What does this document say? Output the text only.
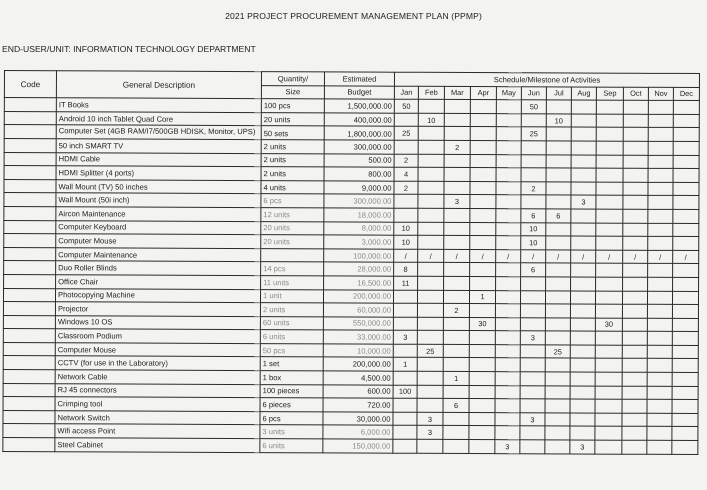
2021 PROJECT PROCUREMENT MANAGEMENT PLAN (PPMP)
END-USER/UNIT: INFORMATION TECHNOLOGY DEPARTMENT
Code	General Description	Quantity/	Estimated	Schedule/Milestone of Activities											
		Size	Budget	Jan	Feb	Mar	Apr	May	Jun	Jul	Aug	Sep	Oct	Nov	Dec
	IT Books	100 pcs	1,500,000.00	50					50						
	Android 10 inch Tablet Quad Core	20 units	400,000.00		10					10					
	Computer Set (4GB RAM/I7/500GB HDISK, Monitor, UPS)	50 sets	1,800,000.00	25					25						
	50 inch SMART TV	2 units	300,000.00			2									
	HDMI Cable	2 units	500.00	2											
	HDMI Splitter (4 ports)	2 units	800.00	4											
	Wall Mount (TV) 50 inches	4 units	9,000.00	2					2						
	Wall Mount (50i inch)	6 pcs	300,000.00			3					3				
	Aircon Maintenance	12 units	18,000.00						6	6					
	Computer Keyboard	20 units	8,000.00	10					10						
	Computer Mouse	20 units	3,000.00	10					10						
	Computer Maintenance		100,000.00	/	/	/	/	/	/	/	/	/	/	/	/
	Duo Roller Blinds	14 pcs	28,000.00	8					6						
	Office Chair	11 units	16,500.00	11											
	Photocopying Machine	1 unit	200,000.00				1								
	Projector	2 units	60,000.00			2									
	Windows 10 OS	60 units	550,000.00				30					30			
	Classroom Podium	6 units	33,000.00	3					3						
	Computer Mouse	50 pcs	10,000.00		25					25					
	CCTV (for use in the Laboratory)	1 set	200,000.00	1											
	Network Cable	1 box	4,500.00			1									
	RJ 45 connectors	100 pieces	600.00	100											
	Crimping tool	6 pieces	720.00			6									
	Network Switch	6 pcs	30,000.00		3				3						
	Wifi access Point	3 units	6,000.00		3										
	Steel Cabinet	6 units	150,000.00					3			3				
